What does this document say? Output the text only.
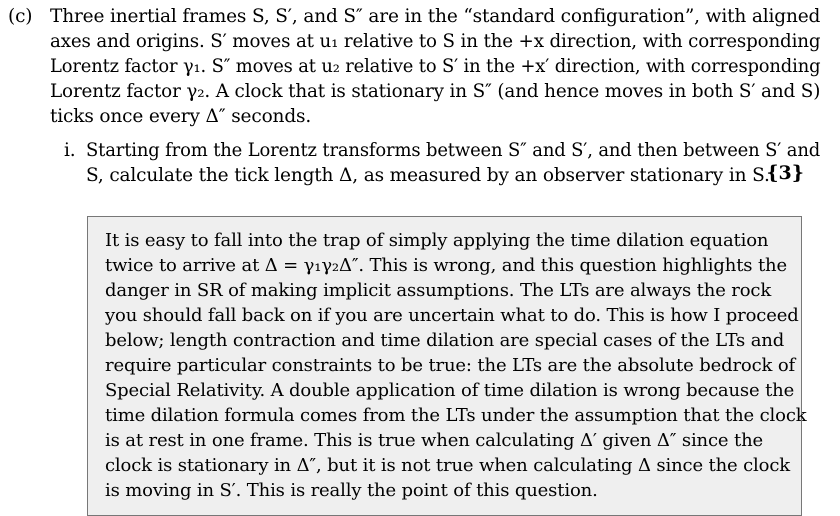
(c) Three inertial frames S, S′, and S″ are in the “standard configuration”, with aligned
axes and origins. S′ moves at u₁ relative to S in the +x direction, with corresponding
Lorentz factor γ₁. S″ moves at u₂ relative to S′ in the +x′ direction, with corresponding
Lorentz factor γ₂. A clock that is stationary in S″ (and hence moves in both S′ and S)
ticks once every Δ″ seconds.
i. Starting from the Lorentz transforms between S″ and S′, and then between S′ and
S, calculate the tick length Δ, as measured by an observer stationary in S.
{3}
It is easy to fall into the trap of simply applying the time dilation equation
twice to arrive at Δ = γ₁γ₂Δ″. This is wrong, and this question highlights the
danger in SR of making implicit assumptions. The LTs are always the rock
you should fall back on if you are uncertain what to do. This is how I proceed
below; length contraction and time dilation are special cases of the LTs and
require particular constraints to be true: the LTs are the absolute bedrock of
Special Relativity. A double application of time dilation is wrong because the
time dilation formula comes from the LTs under the assumption that the clock
is at rest in one frame. This is true when calculating Δ′ given Δ″ since the
clock is stationary in Δ″, but it is not true when calculating Δ since the clock
is moving in S′. This is really the point of this question.
